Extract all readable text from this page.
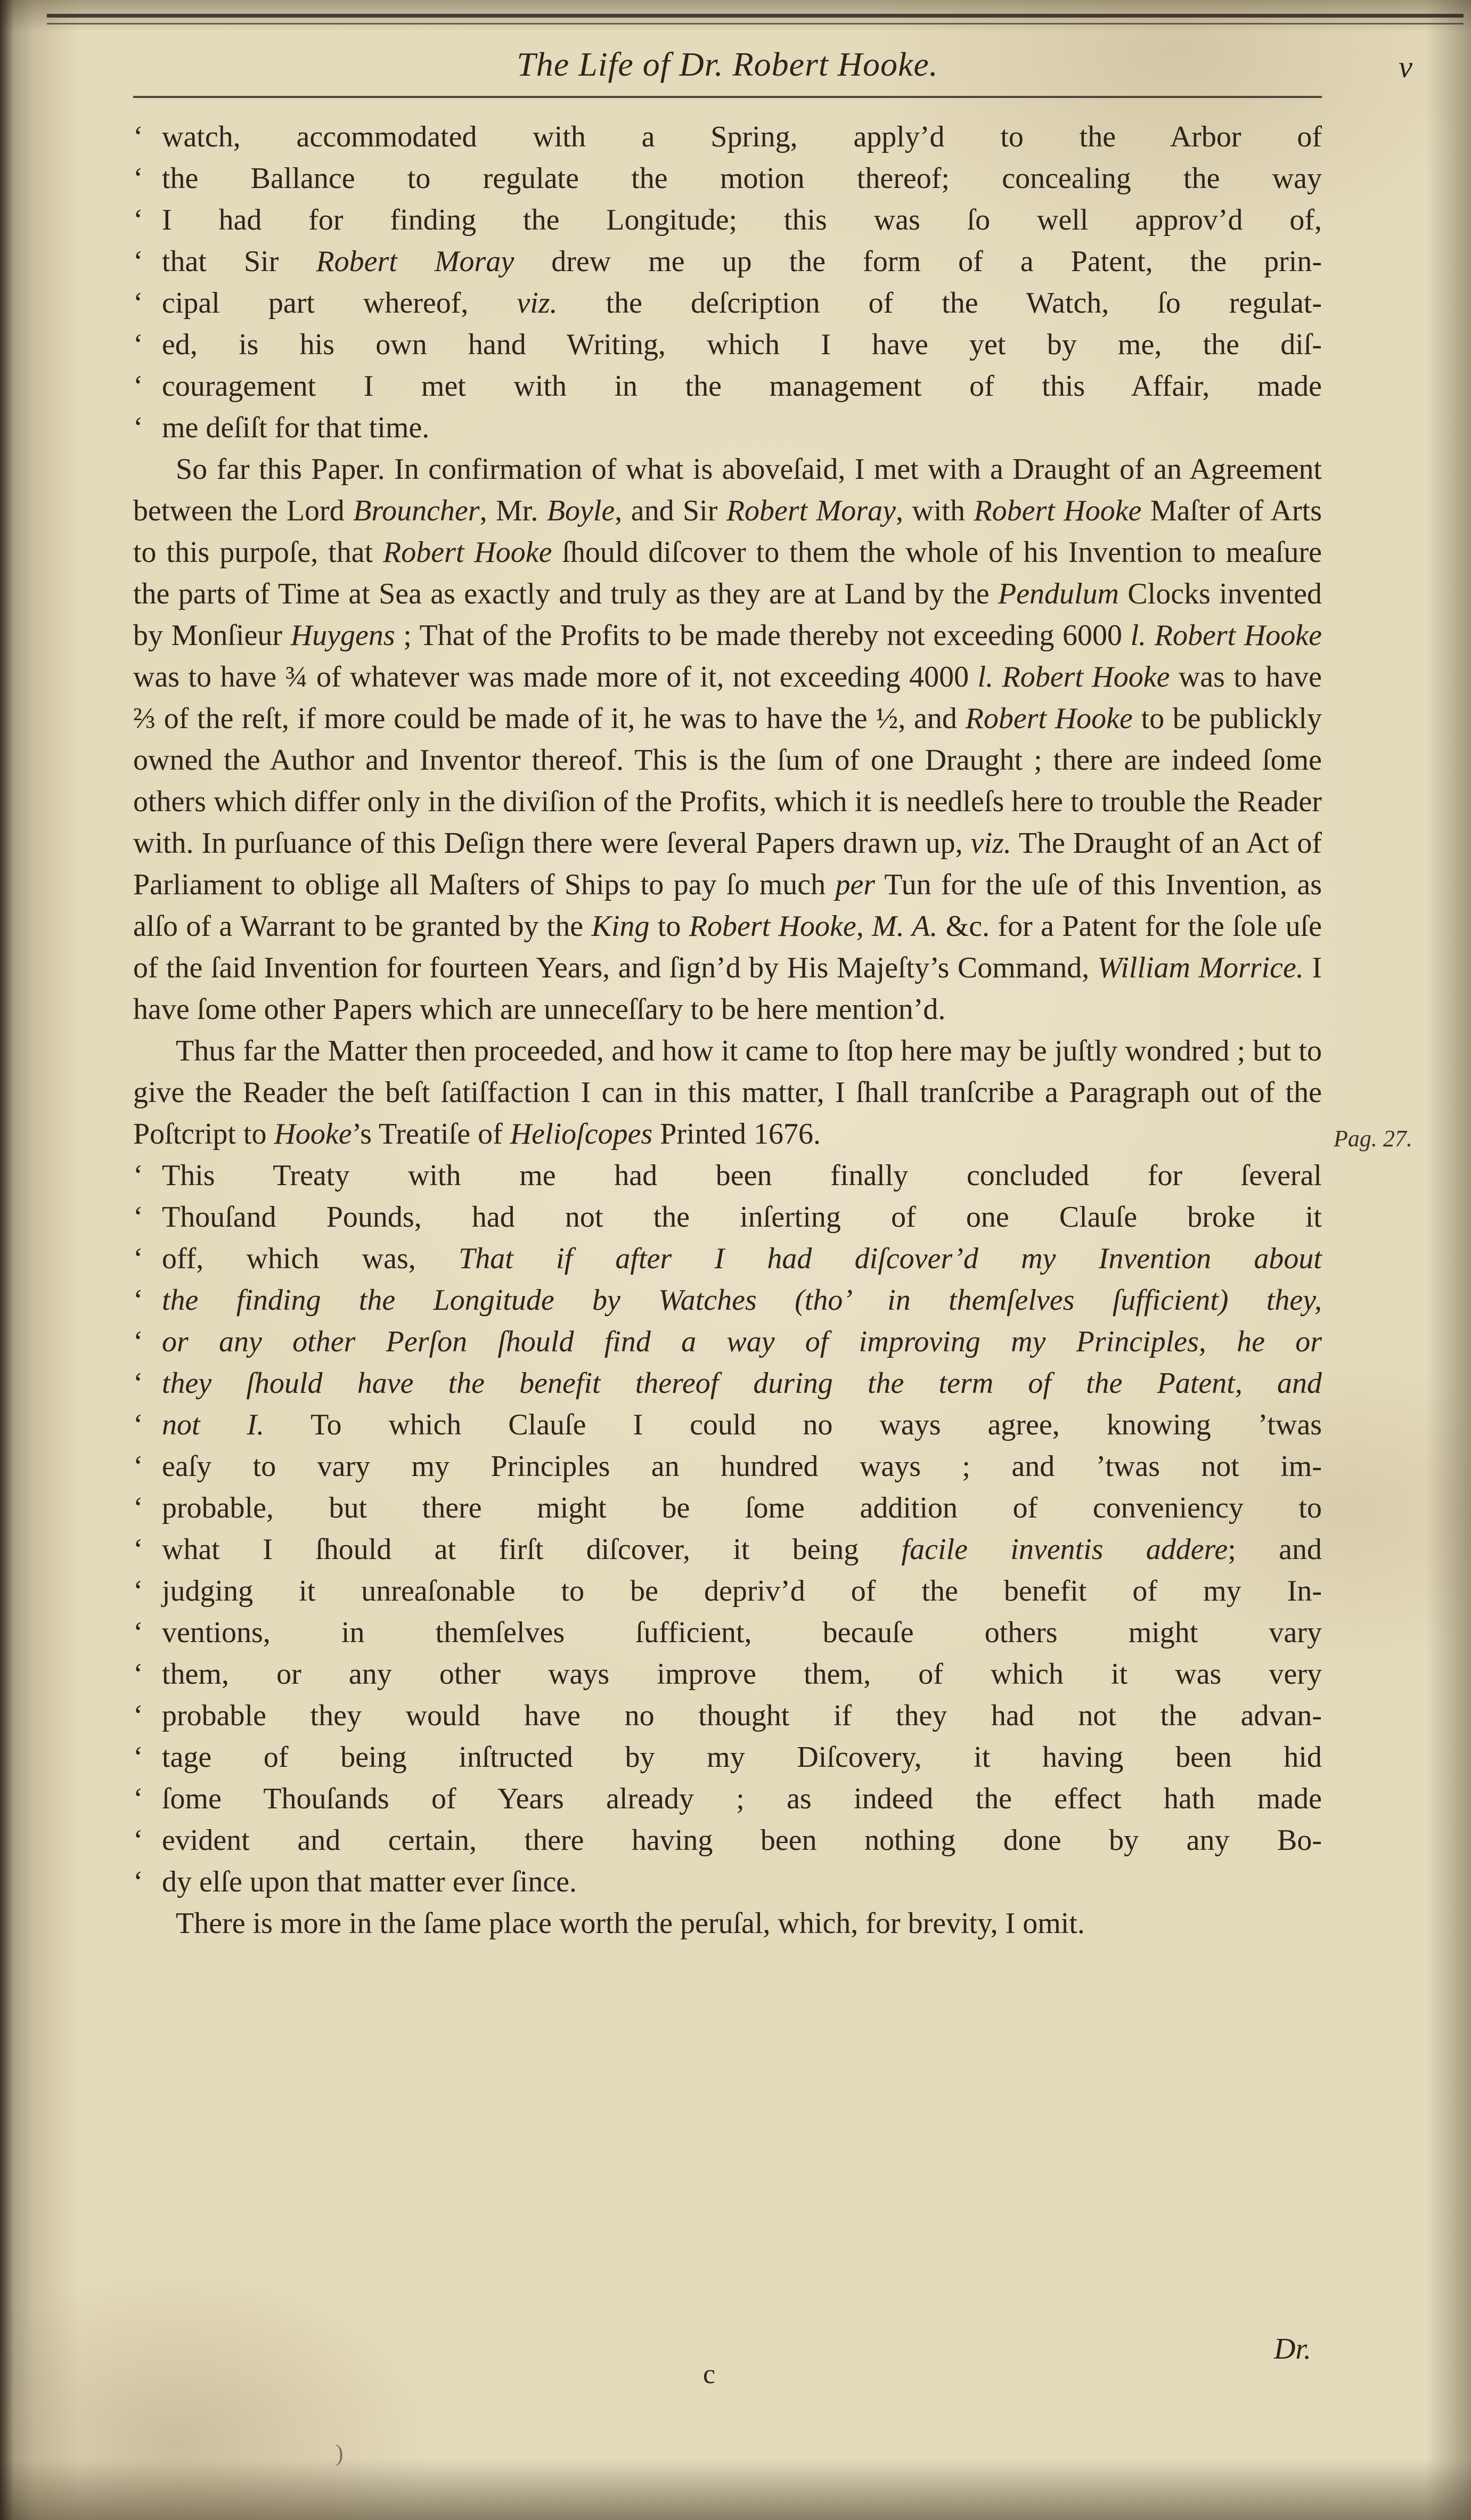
The Life of Dr. Robert Hooke.	v
‘ watch, accommodated with a Spring, apply’d to the Arbor of
‘ the Ballance to regulate the motion thereof; concealing the way
‘ I had for finding the Longitude; this was ſo well approv’d of,
‘ that Sir Robert Moray drew me up the form of a Patent, the prin-
‘ cipal part whereof, viz. the deſcription of the Watch, ſo regulat-
‘ ed, is his own hand Writing, which I have yet by me, the diſ-
‘ couragement I met with in the management of this Affair, made
‘ me deſiſt for that time.

So far this Paper. In confirmation of what is aboveſaid, I met with a Draught of an Agreement between the Lord Brouncher, Mr. Boyle, and Sir Robert Moray, with Robert Hooke Maſter of Arts to this purpoſe, that Robert Hooke ſhould diſcover to them the whole of his Invention to meaſure the parts of Time at Sea as exactly and truly as they are at Land by the Pendulum Clocks invented by Monſieur Huygens ; That of the Profits to be made thereby not exceeding 6000 l. Robert Hooke was to have ¾ of whatever was made more of it, not exceeding 4000 l. Robert Hooke was to have ⅔ of the reſt, if more could be made of it, he was to have the ½, and Robert Hooke to be publickly owned the Author and Inventor thereof. This is the ſum of one Draught ; there are indeed ſome others which differ only in the diviſion of the Profits, which it is needleſs here to trouble the Reader with. In purſuance of this Deſign there were ſeveral Papers drawn up, viz. The Draught of an Act of Parliament to oblige all Maſters of Ships to pay ſo much per Tun for the uſe of this Invention, as alſo of a Warrant to be granted by the King to Robert Hooke, M. A. &c. for a Patent for the ſole uſe of the ſaid Invention for fourteen Years, and ſign’d by His Majeſty’s Command, William Morrice. I have ſome other Papers which are unneceſſary to be here mention’d.

Thus far the Matter then proceeded, and how it came to ſtop here may be juſtly wondred ; but to give the Reader the beſt ſatiſfaction I can in this matter, I ſhall tranſcribe a Paragraph out of the Poſtcript to Hooke’s Treatiſe of Helioſcopes Printed 1676.	Pag. 27.

‘ This Treaty with me had been finally concluded for ſeveral
‘ Thouſand Pounds, had not the inſerting of one Clauſe broke it
‘ off, which was, That if after I had diſcover’d my Invention about
‘ the finding the Longitude by Watches (tho’ in themſelves ſufficient) they,
‘ or any other Perſon ſhould find a way of improving my Principles, he or
‘ they ſhould have the benefit thereof during the term of the Patent, and
‘ not I. To which Clauſe I could no ways agree, knowing ’twas
‘ eaſy to vary my Principles an hundred ways ; and ’twas not im-
‘ probable, but there might be ſome addition of conveniency to
‘ what I ſhould at firſt diſcover, it being facile inventis addere; and
‘ judging it unreaſonable to be depriv’d of the benefit of my In-
‘ ventions, in themſelves ſufficient, becauſe others might vary
‘ them, or any other ways improve them, of which it was very
‘ probable they would have no thought if they had not the advan-
‘ tage of being inſtructed by my Diſcovery, it having been hid
‘ ſome Thouſands of Years already ; as indeed the effect hath made
‘ evident and certain, there having been nothing done by any Bo-
‘ dy elſe upon that matter ever ſince.

There is more in the ſame place worth the peruſal, which, for brevity, I omit.

Dr.
c
)
